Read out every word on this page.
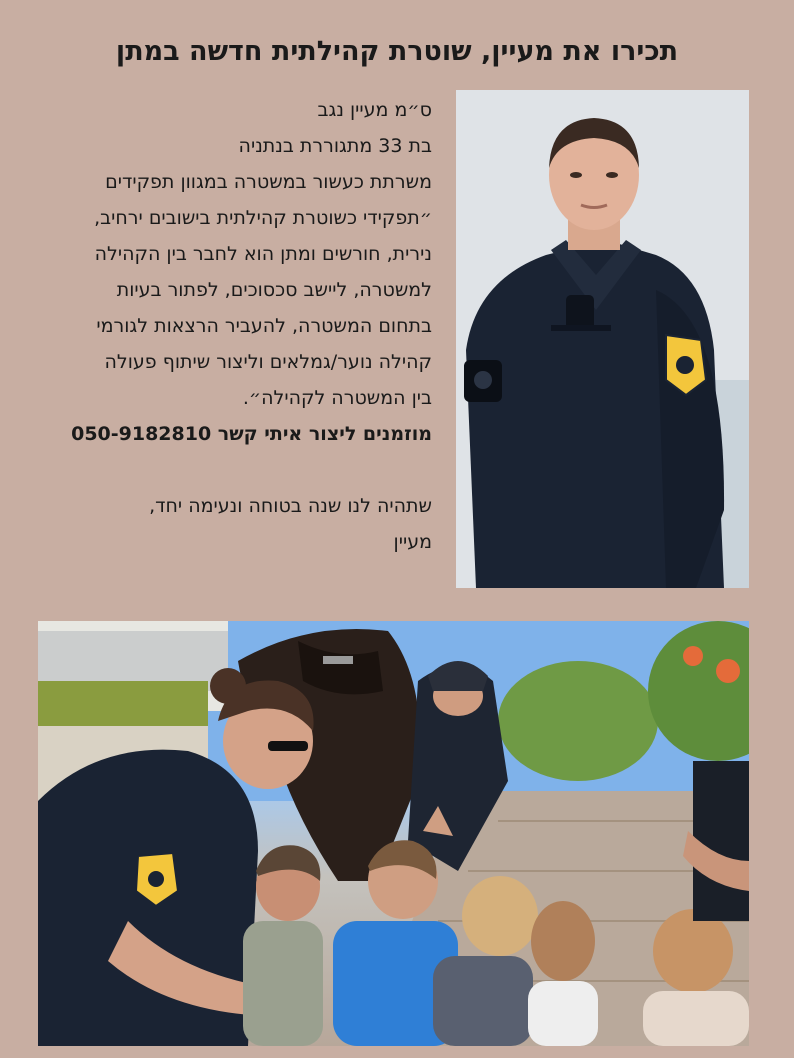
תכירו את מעיין, שוטרת קהילתית חדשה במתן
ס״מ מעיין נגב
בת 33 מתגוררת בנתניה
משרתת כעשור במשטרה במגוון תפקידים
״תפקידי כשוטרת קהילתית בישובים ירחיב,
נירית, חורשים ומתן הוא לחבר בין הקהילה
למשטרה, ליישב סכסוכים, לפתור בעיות
בתחום המשטרה, להעביר הרצאות לגורמי
קהילה נוער/גמלאים וליצור שיתוף פעולה
בין המשטרה לקהילה״.
מוזמנים ליצור איתי קשר 050-9182810
שתהיה לנו שנה בטוחה ונעימה יחד,
מעיין
